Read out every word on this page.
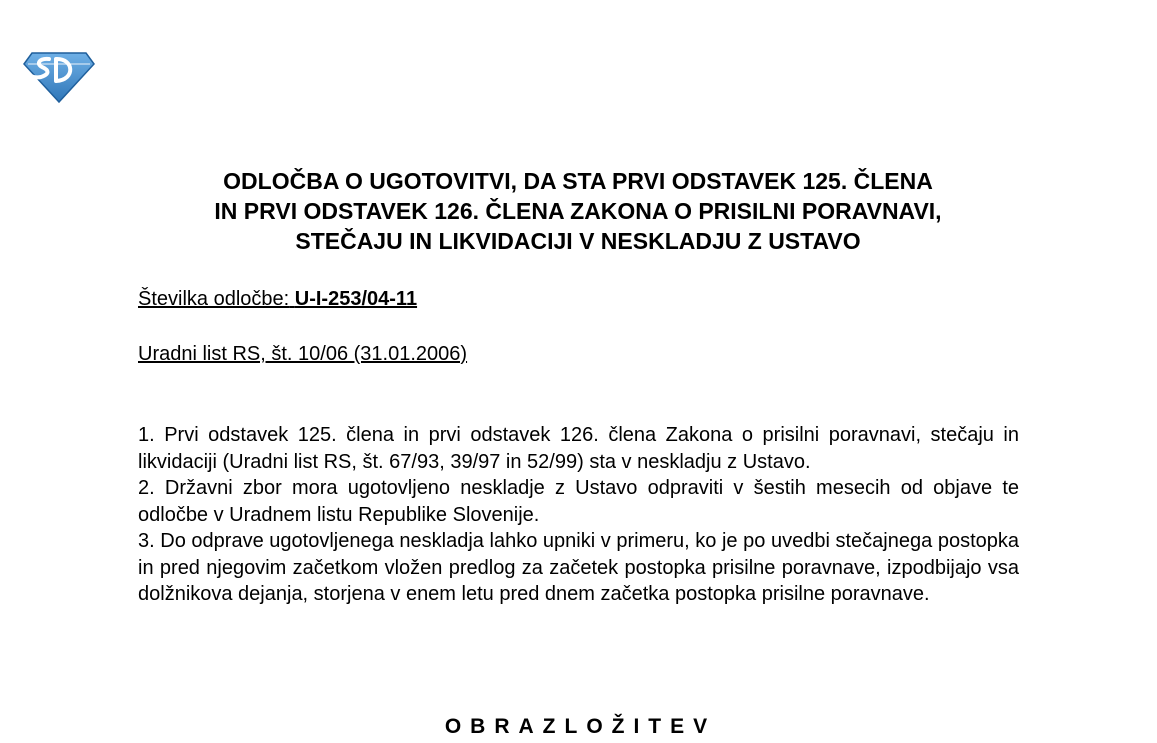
ODLOČBA O UGOTOVITVI, DA STA PRVI ODSTAVEK 125. ČLENA
IN PRVI ODSTAVEK 126. ČLENA ZAKONA O PRISILNI PORAVNAVI,
STEČAJU IN LIKVIDACIJI V NESKLADJU Z USTAVO
Številka odločbe: U-I-253/04-11
Uradni list RS, št. 10/06 (31.01.2006)

1. Prvi odstavek 125. člena in prvi odstavek 126. člena Zakona o prisilni poravnavi, stečaju in likvidaciji (Uradni list RS, št. 67/93, 39/97 in 52/99) sta v neskladju z Ustavo.

2. Državni zbor mora ugotovljeno neskladje z Ustavo odpraviti v šestih mesecih od objave te odločbe v Uradnem listu Republike Slovenije.

3. Do odprave ugotovljenega neskladja lahko upniki v primeru, ko je po uvedbi stečajnega postopka in pred njegovim začetkom vložen predlog za začetek postopka prisilne poravnave, izpodbijajo vsa dolžnikova dejanja, storjena v enem letu pred dnem začetka postopka prisilne poravnave.

OBRAZLOŽITEV
